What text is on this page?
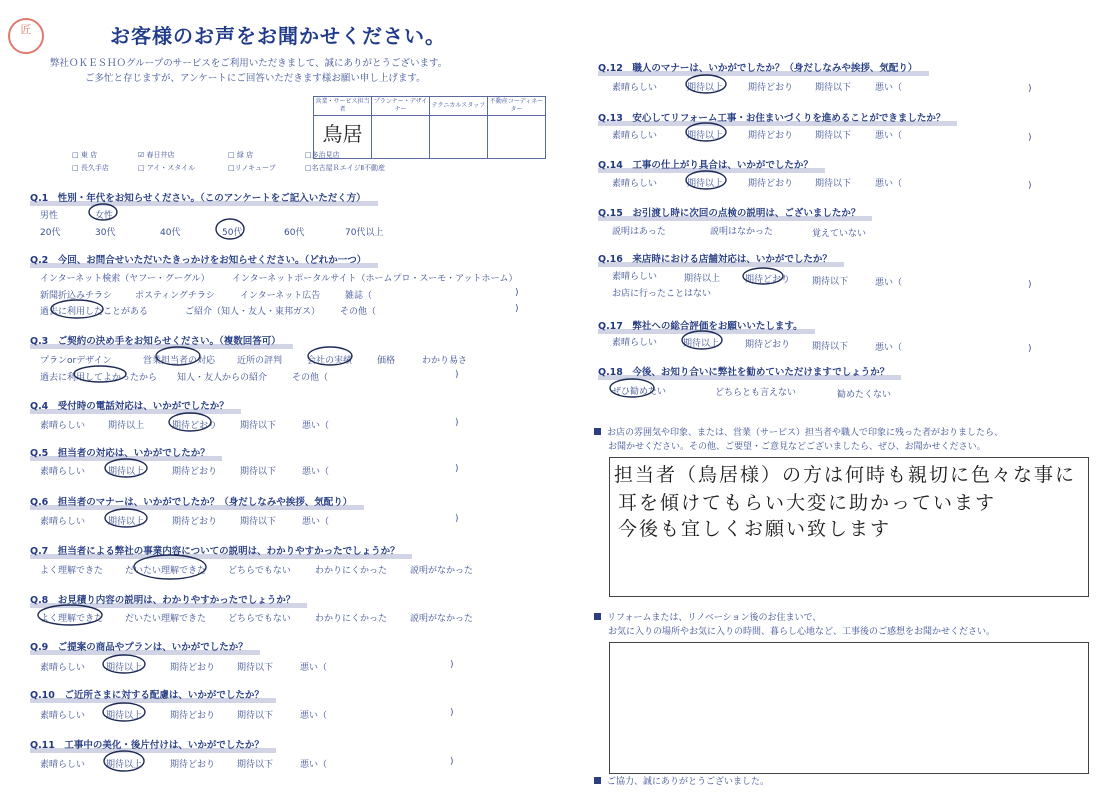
匠	お客様のお声をお聞かせください。
弊社ＯＫＥＳＨＯグループのサービスをご利用いただきまして、誠にありがとうございます。
ご多忙と存じますが、アンケートにご回答いただきます様お願い申し上げます。
営業・サービス担当者	プランナー・デザイナー	テクニカルスタッフ	不動産コーディネーター
鳥居			
□ 東 店	☑ 春日井店	□ 緑 店	□多治見店
□ 長久手店	□ アイ・スタイル	□リノキューブ	□名古屋ＲエイジⅡ不動産
Q.1　性別・年代をお知らせください。（このアンケートをご記入いただく方）
男性	女性
20代	30代	40代	50代	60代	70代以上
Q.2　今回、お問合せいただいたきっかけをお知らせください。（どれか一つ）
インターネット検索（ヤフー・グーグル） インターネットポータルサイト（ホームプロ・スーモ・アットホーム）
新聞折込みチラシ	ポスティングチラシ	インターネット広告	雑誌（	)
過去に利用したことがある	ご紹介（知人・友人・東邦ガス） その他（	)
Q.3　ご契約の決め手をお知らせください。（複数回答可）
プランorデザイン	営業担当者の対応 近所の評判	会社の実績	価格	わかり易さ
過去に利用してよかったから 知人・友人からの紹介	その他（	)
Q.4　受付時の電話対応は、いかがでしたか？
素晴らしい	期待以上	期待どおり	期待以下	悪い（	)
Q.5　担当者の対応は、いかがでしたか？
素晴らしい	期待以上	期待どおり	期待以下	悪い（	)
Q.6　担当者のマナーは、いかがでしたか？（身だしなみや挨拶、気配り）
素晴らしい	期待以上	期待どおり	期待以下	悪い（	)
Q.7　担当者による弊社の事業内容についての説明は、わかりやすかったでしょうか？
よく理解できた だいたい理解できた どちらでもない	わかりにくかった	説明がなかった
Q.8　お見積り内容の説明は、わかりやすかったでしょうか？
よく理解できた だいたい理解できた どちらでもない	わかりにくかった	説明がなかった
Q.9　ご提案の商品やプランは、いかがでしたか？
素晴らしい 期待以上	期待どおり 期待以下	悪い（	)
Q.10　ご近所さまに対する配慮は、いかがでしたか？
素晴らしい 期待以上	期待どおり 期待以下	悪い（	)
Q.11　工事中の美化・後片付けは、いかがでしたか？
素晴らしい 期待以上	期待どおり 期待以下	悪い（	)
Q.12　職人のマナーは、いかがでしたか？（身だしなみや挨拶、気配り）
素晴らしい	期待以上	期待どおり 期待以下	悪い（	)
Q.13　安心してリフォーム工事・お住まいづくりを進めることができましたか？
素晴らしい	期待以上	期待どおり 期待以下	悪い（	)
Q.14　工事の仕上がり具合は、いかがでしたか？
素晴らしい	期待以上	期待どおり 期待以下	悪い（	)
Q.15　お引渡し時に次回の点検の説明は、ございましたか？
説明はあった	説明はなかった	覚えていない
Q.16　来店時における店舗対応は、いかがでしたか？
素晴らしい	期待以上	期待どおり 期待以下	悪い（	)
お店に行ったことはない
Q.17　弊社への総合評価をお願いいたします。
素晴らしい	期待以上	期待どおり 期待以下	悪い（	)
Q.18　今後、お知り合いに弊社を勧めていただけますでしょうか？
ぜひ勧めたい	どちらとも言えない	勧めたくない
お店の雰囲気や印象、または、営業（サービス）担当者や職人で印象に残った者がおりましたら、
お聞かせください。その他、ご要望・ご意見などございましたら、ぜひ、お聞かせください。
担当者（鳥居様）の方は何時も親切に色々な事に
耳を傾けてもらい大変に助かっています
今後も宜しくお願い致します
リフォームまたは、リノベーション後のお住まいで、
お気に入りの場所やお気に入りの時間、暮らし心地など、工事後のご感想をお聞かせください。
ご協力、誠にありがとうございました。
